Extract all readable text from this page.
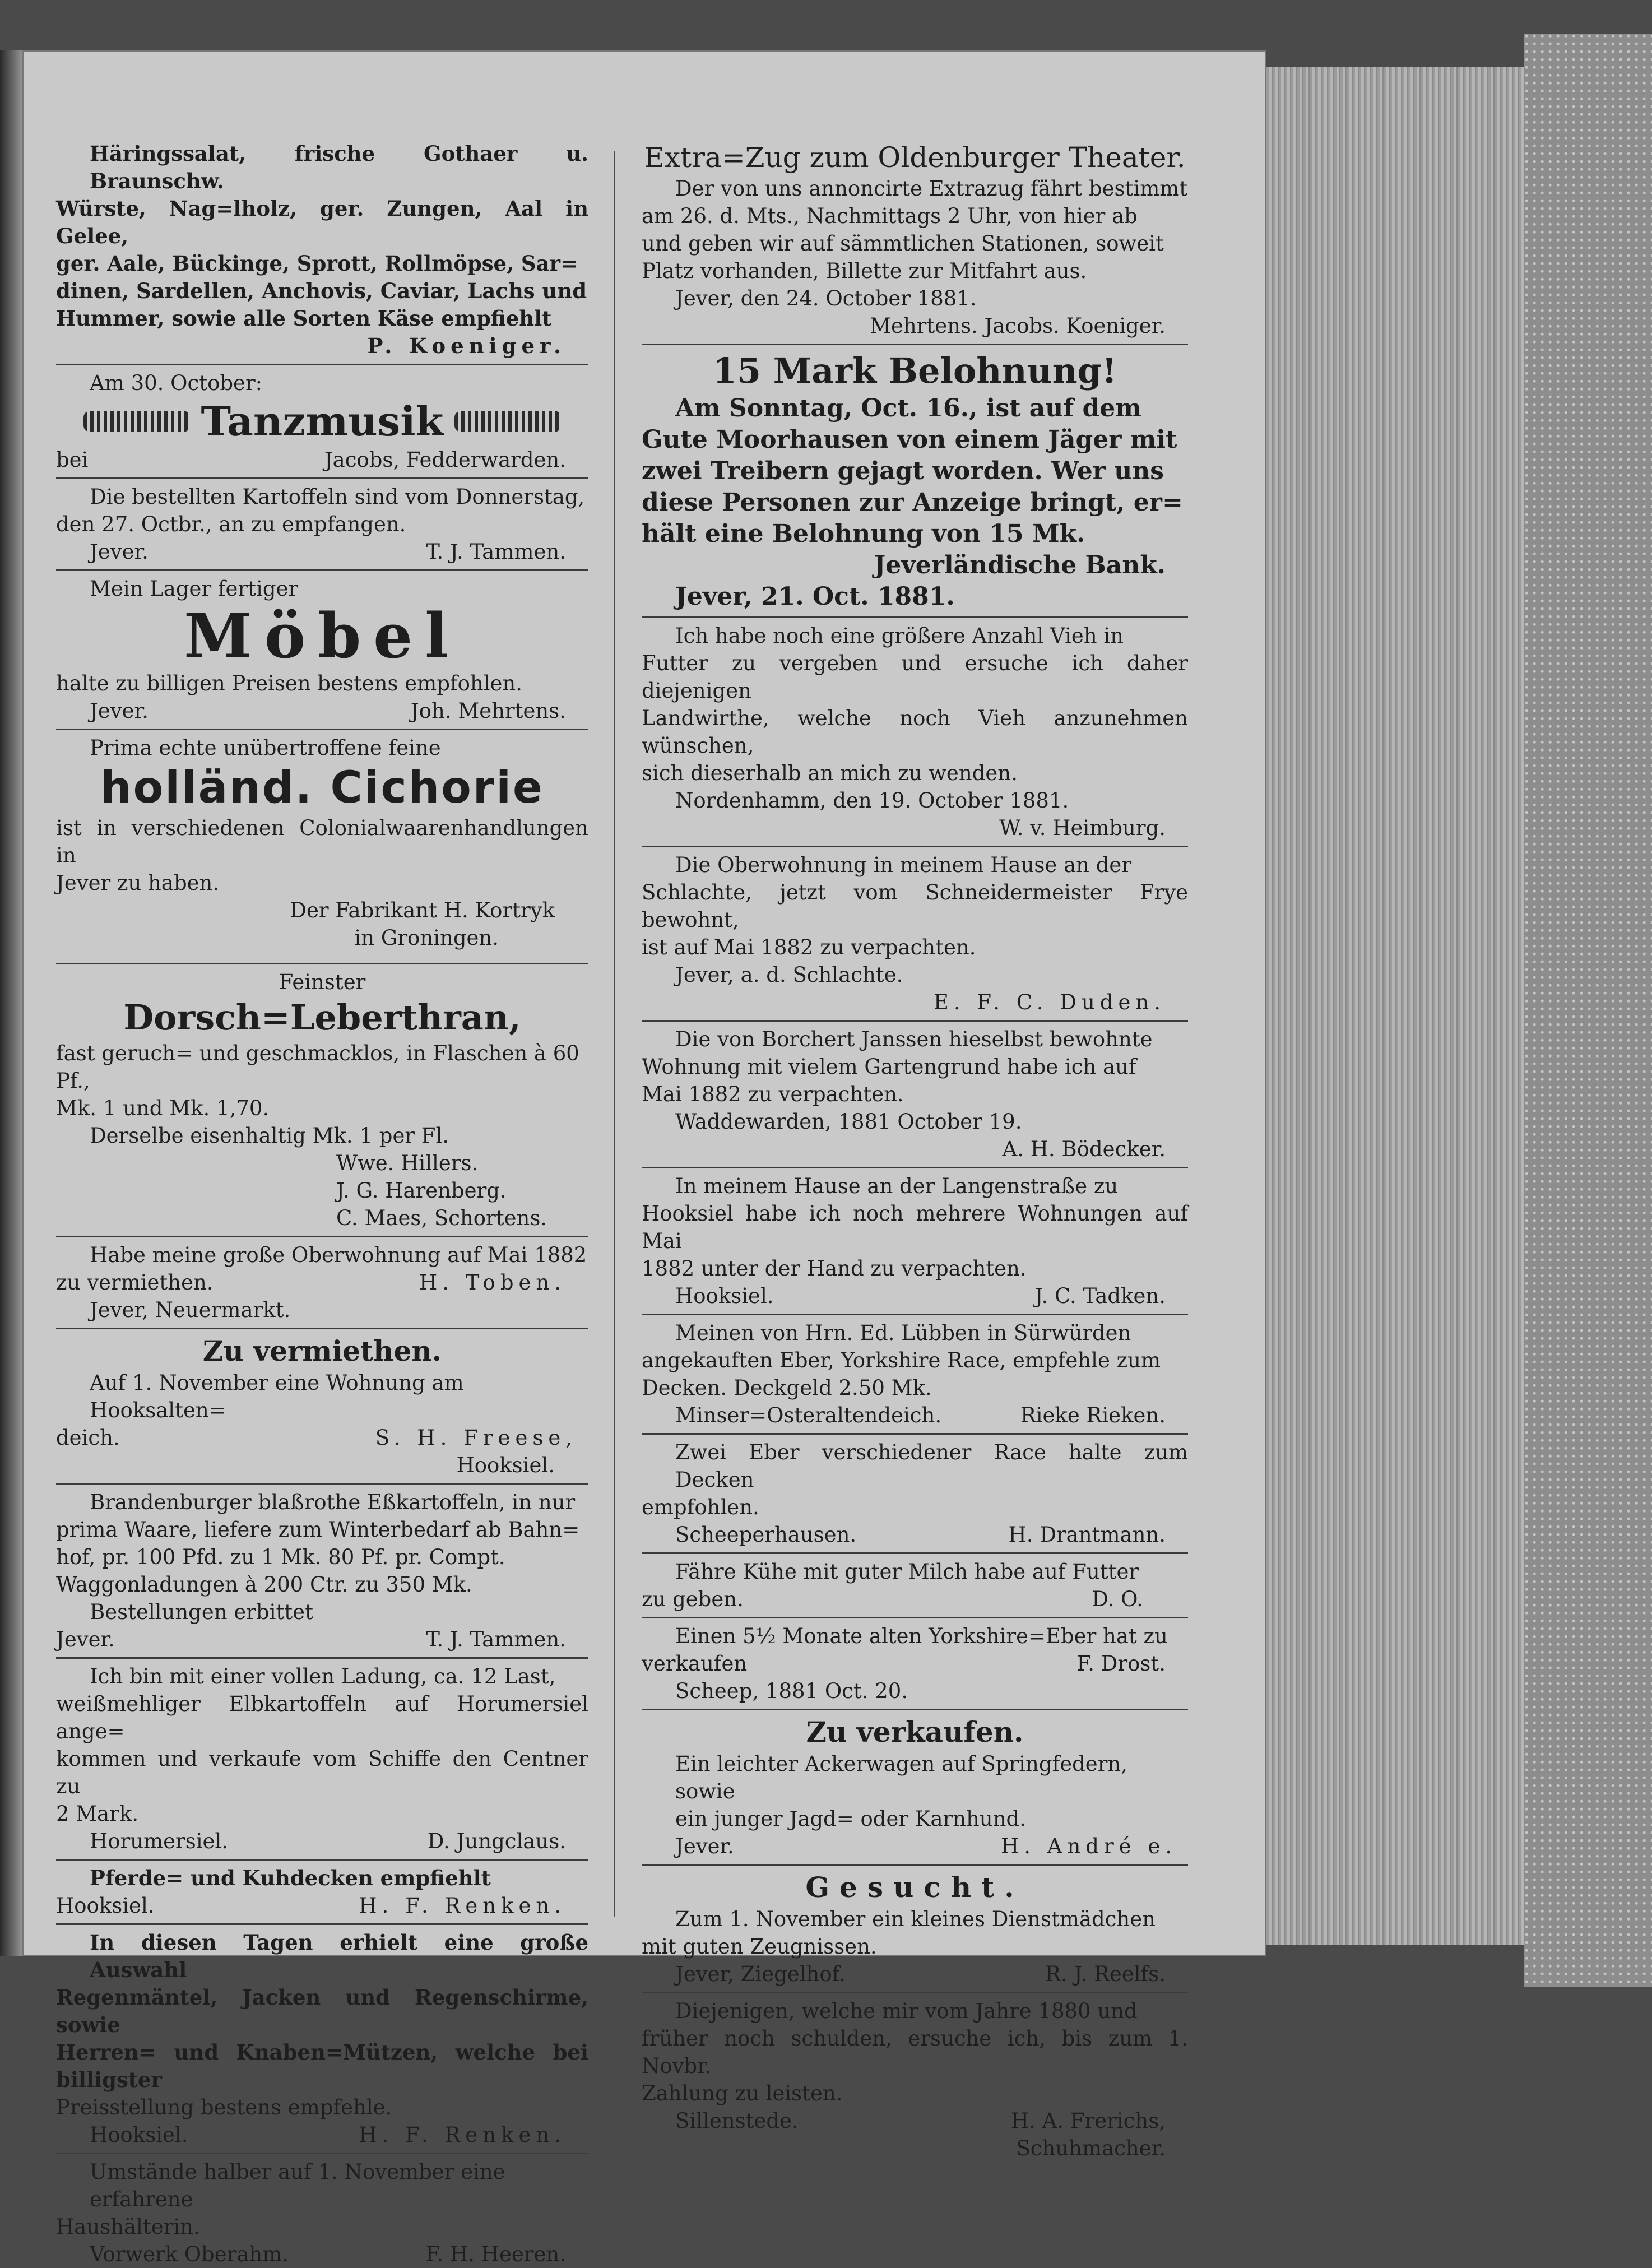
Häringssalat, frische Gothaer u. Braunschw.

Würste, Nag=lholz, ger. Zungen, Aal in Gelee,

ger. Aale, Bückinge, Sprott, Rollmöpse, Sar=

dinen, Sardellen, Anchovis, Caviar, Lachs und

Hummer, sowie alle Sorten Käse empfiehlt

P. Koeniger.

Am 30. October:

Tanzmusik
bei	Jacobs, Fedderwarden.

Die bestellten Kartoffeln sind vom Donnerstag,

den 27. Octbr., an zu empfangen.

Jever.	T. J. Tammen.

Mein Lager fertiger

Möbel

halte zu billigen Preisen bestens empfohlen.

Jever.	Joh. Mehrtens.

Prima echte unübertroffene feine

holländ. Cichorie

ist in verschiedenen Colonialwaarenhandlungen in

Jever zu haben.

Der Fabrikant H. Kortryk

in Groningen.

Feinster

Dorsch=Leberthran,

fast geruch= und geschmacklos, in Flaschen à 60 Pf.,

Mk. 1 und Mk. 1,70.

Derselbe eisenhaltig Mk. 1 per Fl.

Wwe. Hillers.

J. G. Harenberg.

C. Maes, Schortens.

Habe meine große Oberwohnung auf Mai 1882

zu vermiethen.	H. Toben.

Jever, Neuermarkt.

Zu vermiethen.

Auf 1. November eine Wohnung am Hooksalten=

deich.	S. H. Freese,

Hooksiel.

Brandenburger blaßrothe Eßkartoffeln, in nur

prima Waare, liefere zum Winterbedarf ab Bahn=

hof, pr. 100 Pfd. zu 1 Mk. 80 Pf. pr. Compt.

Waggonladungen à 200 Ctr. zu 350 Mk.

Bestellungen erbittet

Jever.	T. J. Tammen.

Ich bin mit einer vollen Ladung, ca. 12 Last,

weißmehliger Elbkartoffeln auf Horumersiel ange=

kommen und verkaufe vom Schiffe den Centner zu

2 Mark.

Horumersiel.	D. Jungclaus.

Pferde= und Kuhdecken empfiehlt

Hooksiel.	H. F. Renken.

In diesen Tagen erhielt eine große Auswahl

Regenmäntel, Jacken und Regenschirme, sowie

Herren= und Knaben=Mützen, welche bei billigster

Preisstellung bestens empfehle.

Hooksiel.	H. F. Renken.

Umstände halber auf 1. November eine erfahrene

Haushälterin.

Vorwerk Oberahm.	F. H. Heeren.

Extra=Zug zum Oldenburger Theater.

Der von uns annoncirte Extrazug fährt bestimmt

am 26. d. Mts., Nachmittags 2 Uhr, von hier ab

und geben wir auf sämmtlichen Stationen, soweit

Platz vorhanden, Billette zur Mitfahrt aus.

Jever, den 24. October 1881.

Mehrtens. Jacobs. Koeniger.

15 Mark Belohnung!

Am Sonntag, Oct. 16., ist auf dem

Gute Moorhausen von einem Jäger mit

zwei Treibern gejagt worden. Wer uns

diese Personen zur Anzeige bringt, er=

hält eine Belohnung von 15 Mk.

Jeverländische Bank.

Jever, 21. Oct. 1881.

Ich habe noch eine größere Anzahl Vieh in

Futter zu vergeben und ersuche ich daher diejenigen

Landwirthe, welche noch Vieh anzunehmen wünschen,

sich dieserhalb an mich zu wenden.

Nordenhamm, den 19. October 1881.

W. v. Heimburg.

Die Oberwohnung in meinem Hause an der

Schlachte, jetzt vom Schneidermeister Frye bewohnt,

ist auf Mai 1882 zu verpachten.

Jever, a. d. Schlachte.

E. F. C. Duden.

Die von Borchert Janssen hieselbst bewohnte

Wohnung mit vielem Gartengrund habe ich auf

Mai 1882 zu verpachten.

Waddewarden, 1881 October 19.

A. H. Bödecker.

In meinem Hause an der Langenstraße zu

Hooksiel habe ich noch mehrere Wohnungen auf Mai

1882 unter der Hand zu verpachten.

Hooksiel.	J. C. Tadken.

Meinen von Hrn. Ed. Lübben in Sürwürden

angekauften Eber, Yorkshire Race, empfehle zum

Decken. Deckgeld 2.50 Mk.

Minser=Osteraltendeich.	Rieke Rieken.

Zwei Eber verschiedener Race halte zum Decken

empfohlen.

Scheeperhausen.	H. Drantmann.

Fähre Kühe mit guter Milch habe auf Futter

zu geben.	D. O.

Einen 5½ Monate alten Yorkshire=Eber hat zu

verkaufen	F. Drost.

Scheep, 1881 Oct. 20.

Zu verkaufen.

Ein leichter Ackerwagen auf Springfedern, sowie

ein junger Jagd= oder Karnhund.

Jever.	H. André e.

Gesucht.

Zum 1. November ein kleines Dienstmädchen

mit guten Zeugnissen.

Jever, Ziegelhof.	R. J. Reelfs.

Diejenigen, welche mir vom Jahre 1880 und

früher noch schulden, ersuche ich, bis zum 1. Novbr.

Zahlung zu leisten.

Sillenstede.	H. A. Frerichs,

Schuhmacher.
